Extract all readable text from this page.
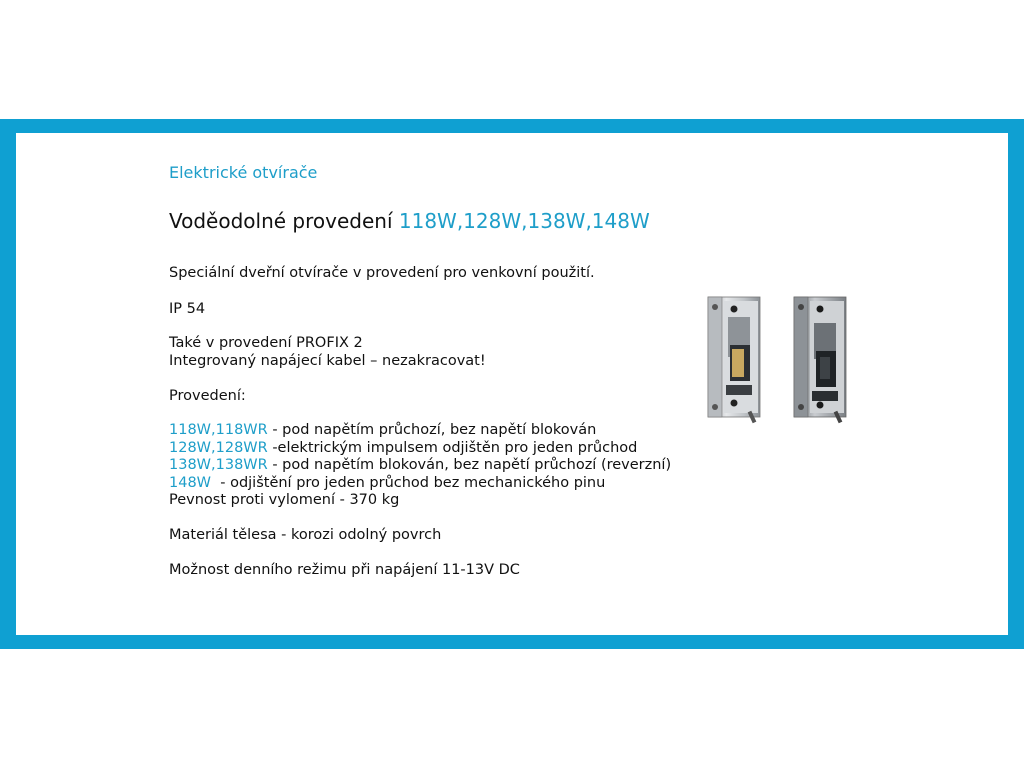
Elektrické otvírače
Voděodolné provedení 118W,128W,138W,148W
Speciální dveřní otvírače v provedení pro venkovní použití.
IP 54
Také v provedení PROFIX 2
Integrovaný napájecí kabel – nezakracovat!
Provedení:
118W,118WR - pod napětím průchozí, bez napětí blokován
128W,128WR -elektrickým impulsem odjištěn pro jeden průchod
138W,138WR - pod napětím blokován, bez napětí průchozí (reverzní)
148W  - odjištění pro jeden průchod bez mechanického pinu
Pevnost proti vylomení - 370 kg
Materiál tělesa - korozi odolný povrch
Možnost denního režimu při napájení 11-13V DC
